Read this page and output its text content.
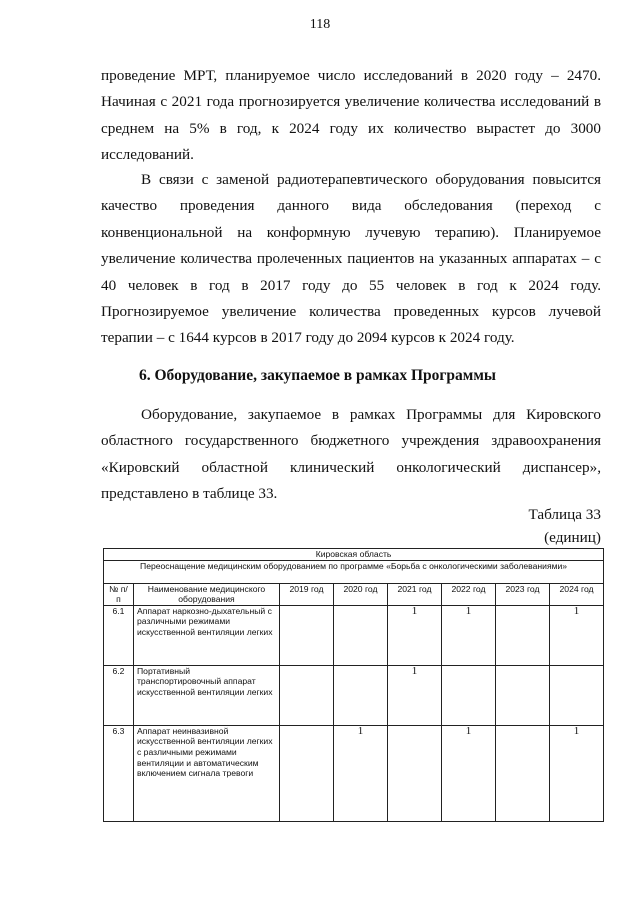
118

проведение МРТ, планируемое число исследований в 2020 году – 2470. Начиная с 2021 года прогнозируется увеличение количества исследований в среднем на 5% в год, к 2024 году их количество вырастет до 3000 исследований.

В связи с заменой радиотерапевтического оборудования повысится качество проведения данного вида обследования (переход с конвенциональной на конформную лучевую терапию). Планируемое увеличение количества пролеченных пациентов на указанных аппаратах – с 40 человек в год в 2017 году до 55 человек в год к 2024 году. Прогнозируемое увеличение количества проведенных курсов лучевой терапии – с 1644 курсов в 2017 году до 2094 курсов к 2024 году.

6. Оборудование, закупаемое в рамках Программы

Оборудование, закупаемое в рамках Программы для Кировского областного государственного бюджетного учреждения здравоохранения «Кировский областной клинический онкологический диспансер», представлено в таблице 33.

Таблица 33
(единиц)
Кировская область							
Переоснащение медицинским оборудованием по программе «Борьба с онкологическими заболеваниями»							
№ п/п	Наименование медицинского оборудования	2019 год	2020 год	2021 год	2022 год	2023 год	2024 год
6.1	Аппарат наркозно-дыхательный с различными режимами искусственной вентиляции легких			1	1		1
6.2	Портативный транспортировочный аппарат искусственной вентиляции легких			1			
6.3	Аппарат неинвазивной искусственной вентиляции легких с различными режимами вентиляции и автоматическим включением сигнала тревоги		1		1		1
